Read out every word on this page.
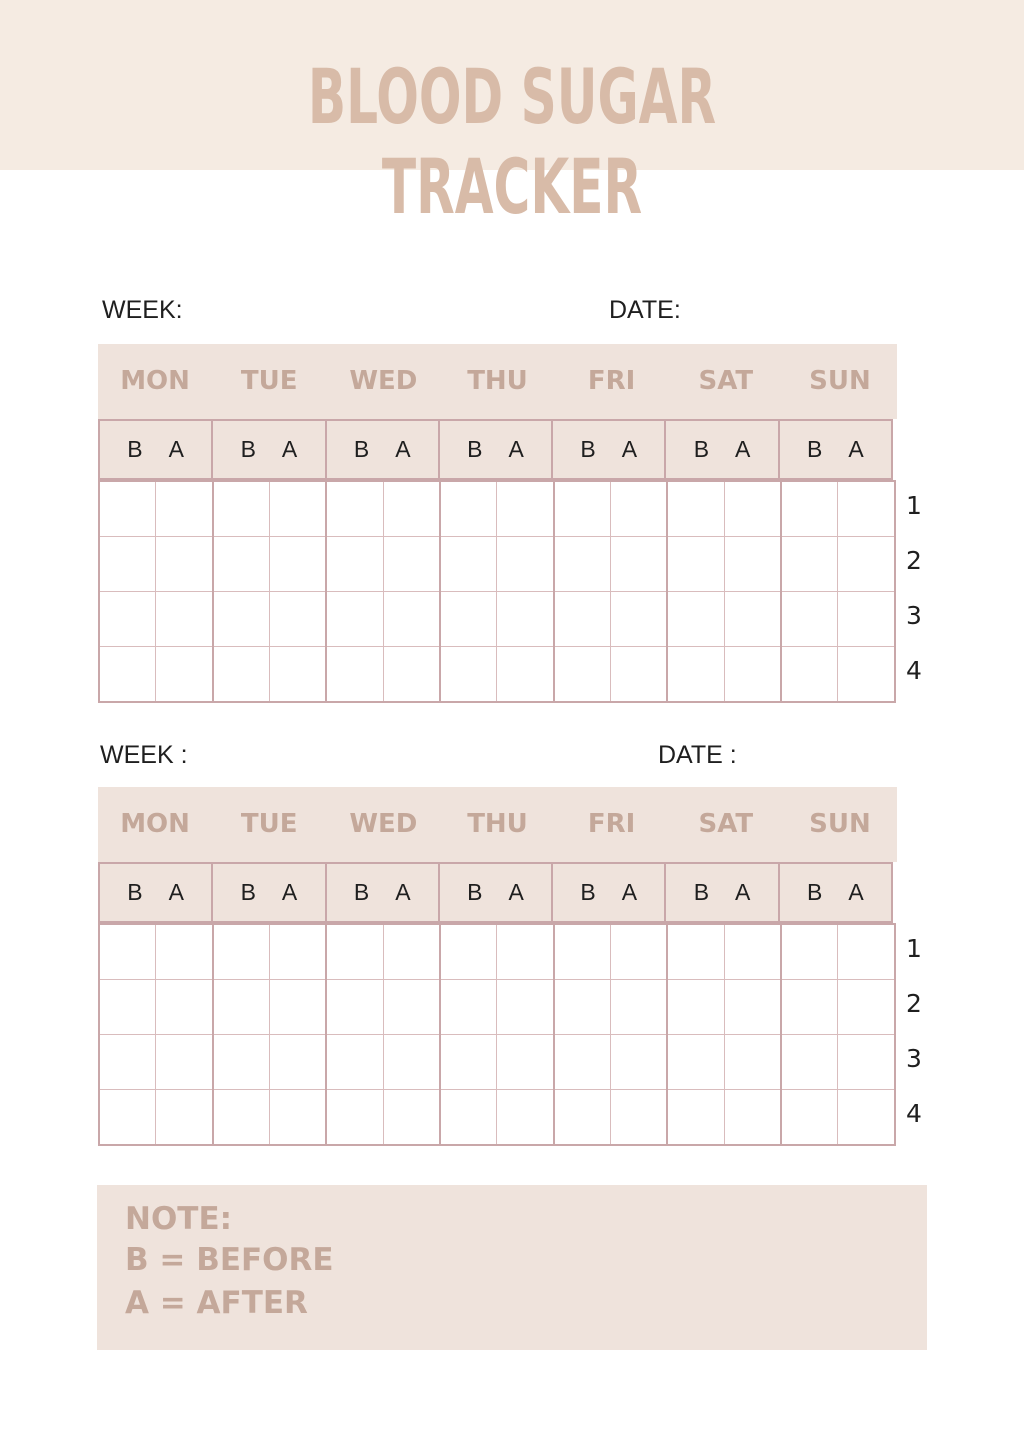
BLOOD SUGAR TRACKER
WEEK:	DATE:
MON	TUE	WED	THU	FRI	SAT	SUN
B A B A B A B A B A B A B A

1
2
3
4
WEEK :	DATE :
MON	TUE	WED	THU	FRI	SAT	SUN
B A B A B A B A B A B A B A

1
2
3
4
NOTE:
B = BEFORE
A = AFTER
